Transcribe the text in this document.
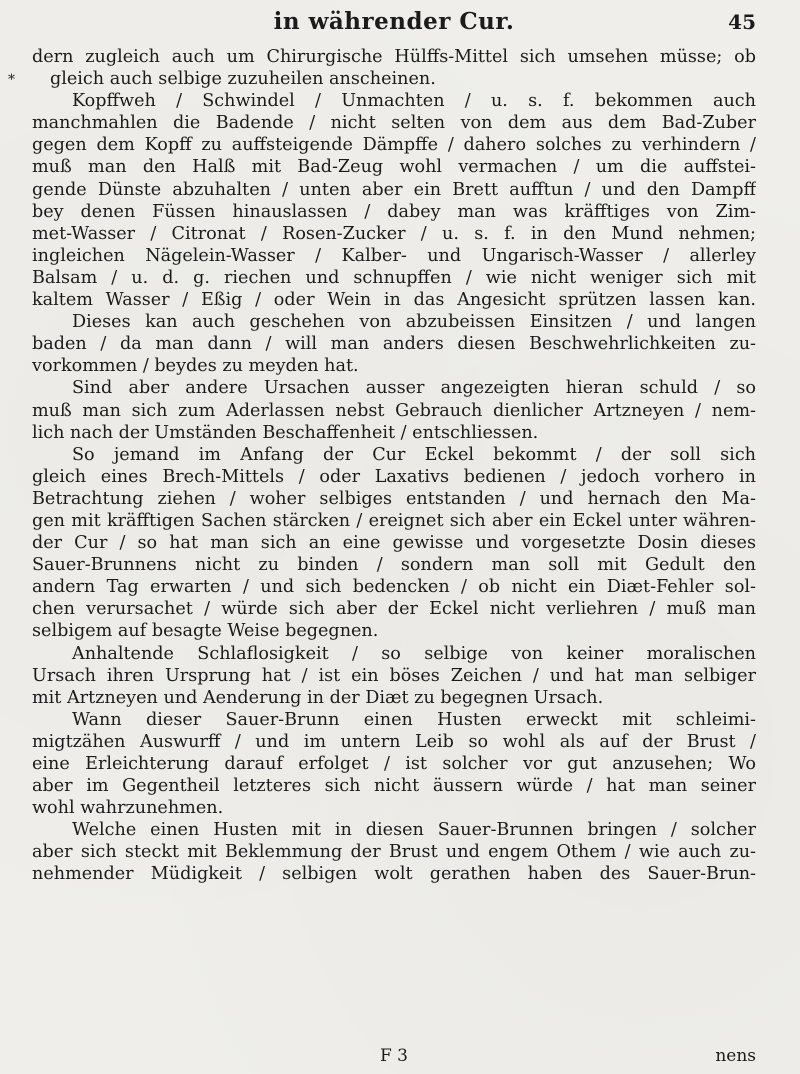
in währender Cur.	45
*
dern zugleich auch um Chirurgische Hülffs-Mittel sich umsehen müsse; ob
gleich auch selbige zuzuheilen anscheinen.
Kopffweh / Schwindel / Unmachten / u. s. f. bekommen auch
manchmahlen die Badende / nicht selten von dem aus dem Bad-Zuber
gegen dem Kopff zu auffsteigende Dämpffe / dahero solches zu verhindern /
muß man den Halß mit Bad-Zeug wohl vermachen / um die auffstei-
gende Dünste abzuhalten / unten aber ein Brett aufftun / und den Dampff
bey denen Füssen hinauslassen / dabey man was kräfftiges von Zim-
met-Wasser / Citronat / Rosen-Zucker / u. s. f. in den Mund nehmen;
ingleichen Nägelein-Wasser / Kalber- und Ungarisch-Wasser / allerley
Balsam / u. d. g. riechen und schnupffen / wie nicht weniger sich mit
kaltem Wasser / Eßig / oder Wein in das Angesicht sprützen lassen kan.
Dieses kan auch geschehen von abzubeissen Einsitzen / und langen
baden / da man dann / will man anders diesen Beschwehrlichkeiten zu-
vorkommen / beydes zu meyden hat.
Sind aber andere Ursachen ausser angezeigten hieran schuld / so
muß man sich zum Aderlassen nebst Gebrauch dienlicher Artzneyen / nem-
lich nach der Umständen Beschaffenheit / entschliessen.
So jemand im Anfang der Cur Eckel bekommt / der soll sich
gleich eines Brech-Mittels / oder Laxativs bedienen / jedoch vorhero in
Betrachtung ziehen / woher selbiges entstanden / und hernach den Ma-
gen mit kräfftigen Sachen stärcken / ereignet sich aber ein Eckel unter währen-
der Cur / so hat man sich an eine gewisse und vorgesetzte Dosin dieses
Sauer-Brunnens nicht zu binden / sondern man soll mit Gedult den
andern Tag erwarten / und sich bedencken / ob nicht ein Diæt-Fehler sol-
chen verursachet / würde sich aber der Eckel nicht verliehren / muß man
selbigem auf besagte Weise begegnen.
Anhaltende Schlaflosigkeit / so selbige von keiner moralischen
Ursach ihren Ursprung hat / ist ein böses Zeichen / und hat man selbiger
mit Artzneyen und Aenderung in der Diæt zu begegnen Ursach.
Wann dieser Sauer-Brunn einen Husten erweckt mit schleimi-
migtzähen Auswurff / und im untern Leib so wohl als auf der Brust /
eine Erleichterung darauf erfolget / ist solcher vor gut anzusehen; Wo
aber im Gegentheil letzteres sich nicht äussern würde / hat man seiner
wohl wahrzunehmen.
Welche einen Husten mit in diesen Sauer-Brunnen bringen / solcher
aber sich steckt mit Beklemmung der Brust und engem Othem / wie auch zu-
nehmender Müdigkeit / selbigen wolt gerathen haben des Sauer-Brun-
F 3	nens
